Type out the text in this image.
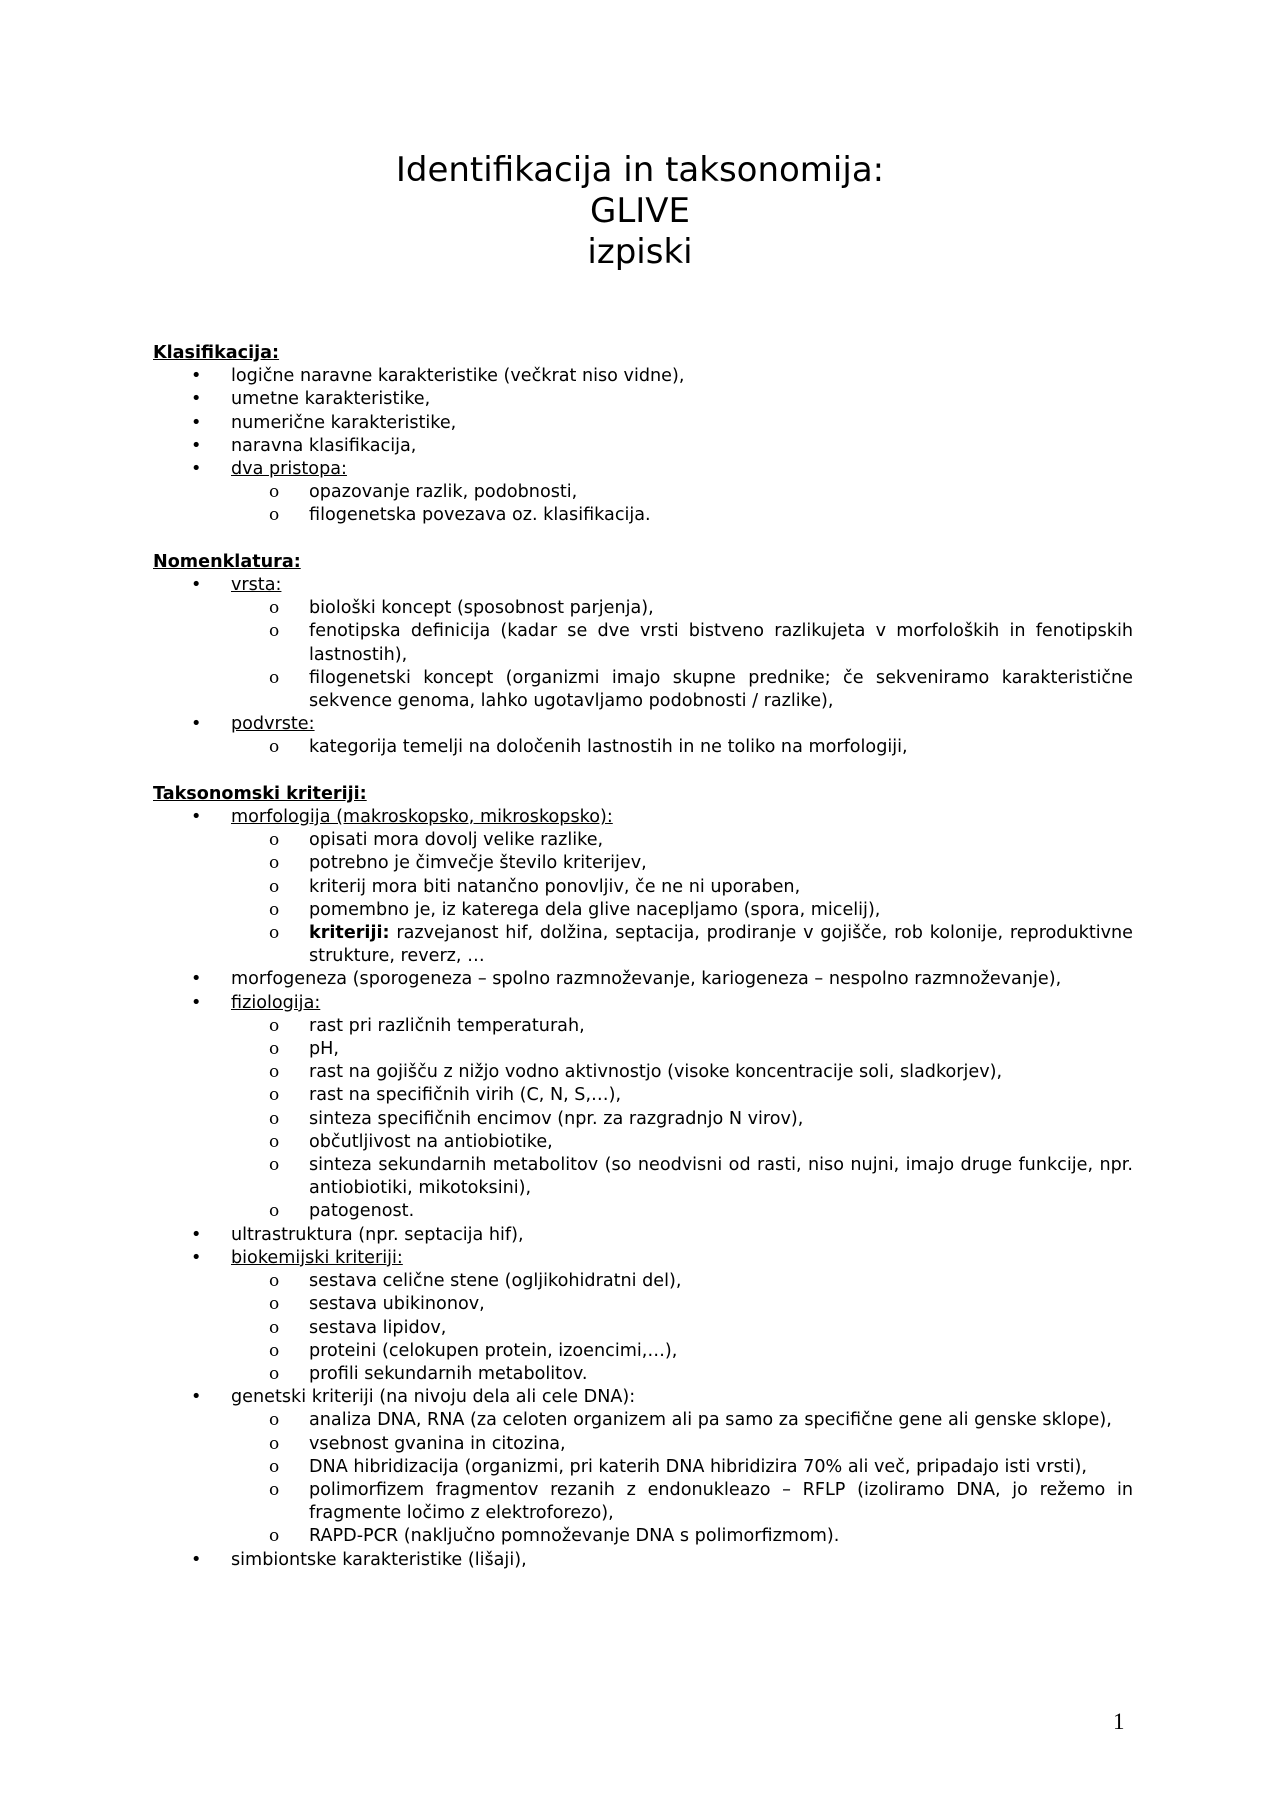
Identifikacija in taksonomija:

GLIVE

izpiski

Klasifikacija:

• logične naravne karakteristike (večkrat niso vidne),
• umetne karakteristike,
• numerične karakteristike,
• naravna klasifikacija,
• dva pristopa:
o opazovanje razlik, podobnosti,
o filogenetska povezava oz. klasifikacija.

Nomenklatura:

• vrsta:
o biološki koncept (sposobnost parjenja),
o fenotipska definicija (kadar se dve vrsti bistveno razlikujeta v morfoloških in fenotipskih lastnostih),
o filogenetski koncept (organizmi imajo skupne prednike; če sekveniramo karakteristične sekvence genoma, lahko ugotavljamo podobnosti / razlike),
• podvrste:
o kategorija temelji na določenih lastnostih in ne toliko na morfologiji,

Taksonomski kriteriji:

• morfologija (makroskopsko, mikroskopsko):
o opisati mora dovolj velike razlike,
o potrebno je čimvečje število kriterijev,
o kriterij mora biti natančno ponovljiv, če ne ni uporaben,
o pomembno je, iz katerega dela glive nacepljamo (spora, micelij),
o kriteriji: razvejanost hif, dolžina, septacija, prodiranje v gojišče, rob kolonije, reproduktivne strukture, reverz, …
• morfogeneza (sporogeneza – spolno razmnoževanje, kariogeneza – nespolno razmnoževanje),
• fiziologija:
o rast pri različnih temperaturah,
o pH,
o rast na gojišču z nižjo vodno aktivnostjo (visoke koncentracije soli, sladkorjev),
o rast na specifičnih virih (C, N, S,…),
o sinteza specifičnih encimov (npr. za razgradnjo N virov),
o občutljivost na antiobiotike,
o sinteza sekundarnih metabolitov (so neodvisni od rasti, niso nujni, imajo druge funkcije, npr. antiobiotiki, mikotoksini),
o patogenost.
• ultrastruktura (npr. septacija hif),
• biokemijski kriteriji:
o sestava celične stene (ogljikohidratni del),
o sestava ubikinonov,
o sestava lipidov,
o proteini (celokupen protein, izoencimi,…),
o profili sekundarnih metabolitov.
• genetski kriteriji (na nivoju dela ali cele DNA):
o analiza DNA, RNA (za celoten organizem ali pa samo za specifične gene ali genske sklope),
o vsebnost gvanina in citozina,
o DNA hibridizacija (organizmi, pri katerih DNA hibridizira 70% ali več, pripadajo isti vrsti),
o polimorfizem fragmentov rezanih z endonukleazo – RFLP (izoliramo DNA, jo režemo in fragmente ločimo z elektroforezo),
o RAPD-PCR (naključno pomnoževanje DNA s polimorfizmom).
• simbiontske karakteristike (lišaji),
1
